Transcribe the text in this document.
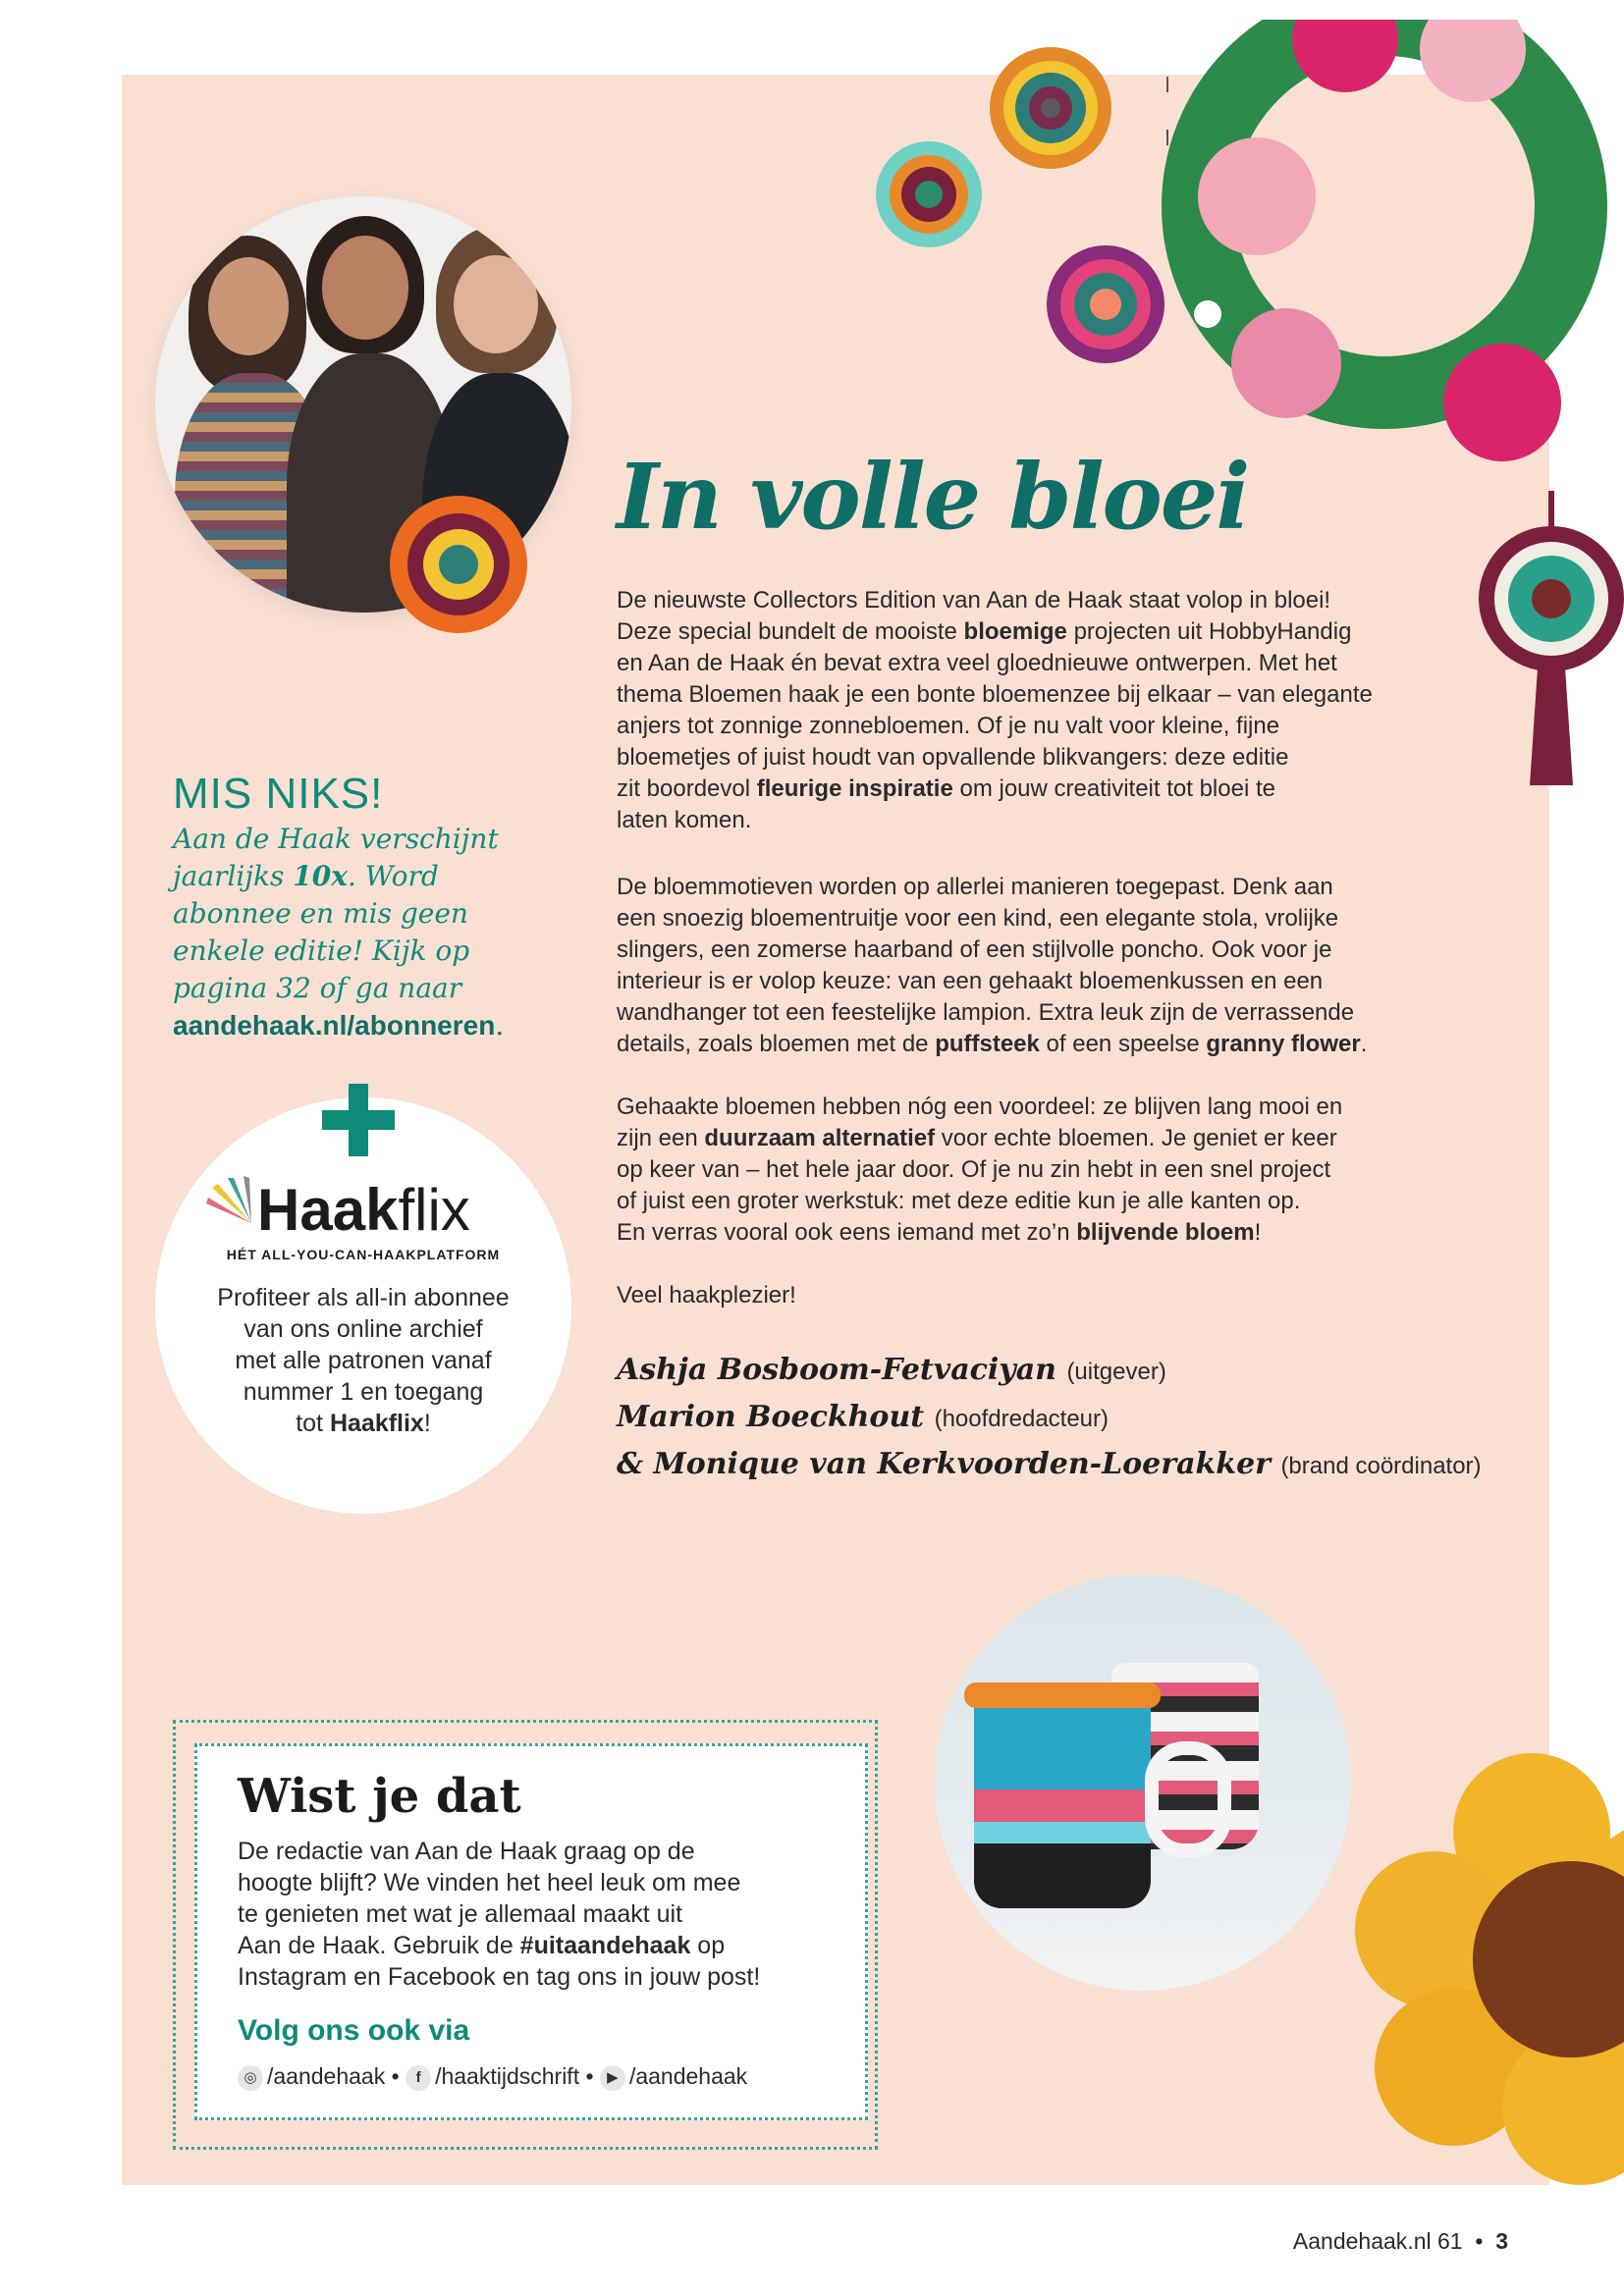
In volle bloei
De nieuwste Collectors Edition van Aan de Haak staat volop in bloei!
Deze special bundelt de mooiste bloemige projecten uit HobbyHandig
en Aan de Haak én bevat extra veel gloednieuwe ontwerpen. Met het
thema Bloemen haak je een bonte bloemenzee bij elkaar – van elegante
anjers tot zonnige zonnebloemen. Of je nu valt voor kleine, fijne
bloemetjes of juist houdt van opvallende blikvangers: deze editie
zit boordevol fleurige inspiratie om jouw creativiteit tot bloei te
laten komen.
De bloemmotieven worden op allerlei manieren toegepast. Denk aan
een snoezig bloementruitje voor een kind, een elegante stola, vrolijke
slingers, een zomerse haarband of een stijlvolle poncho. Ook voor je
interieur is er volop keuze: van een gehaakt bloemenkussen en een
wandhanger tot een feestelijke lampion. Extra leuk zijn de verrassende
details, zoals bloemen met de puffsteek of een speelse granny flower.
Gehaakte bloemen hebben nóg een voordeel: ze blijven lang mooi en
zijn een duurzaam alternatief voor echte bloemen. Je geniet er keer
op keer van – het hele jaar door. Of je nu zin hebt in een snel project
of juist een groter werkstuk: met deze editie kun je alle kanten op.
En verras vooral ook eens iemand met zo’n blijvende bloem!
Veel haakplezier!
Ashja Bosboom-Fetvaciyan (uitgever)
Marion Boeckhout (hoofdredacteur)
& Monique van Kerkvoorden-Loerakker (brand coördinator)
MIS NIKS!
Aan de Haak verschijnt
jaarlijks 10x. Word
abonnee en mis geen
enkele editie! Kijk op
pagina 32 of ga naar
aandehaak.nl/abonneren.
Haakflix
HÉT ALL-YOU-CAN-HAAKPLATFORM
Profiteer als all-in abonnee
van ons online archief
met alle patronen vanaf
nummer 1 en toegang
tot Haakflix!
Wist je dat
De redactie van Aan de Haak graag op de
hoogte blijft? We vinden het heel leuk om mee
te genieten met wat je allemaal maakt uit
Aan de Haak. Gebruik de #uitaandehaak op
Instagram en Facebook en tag ons in jouw post!
Volg ons ook via
◎ /aandehaak • f /haaktijdschrift • ▶ /aandehaak
Aandehaak.nl 61 • 3
